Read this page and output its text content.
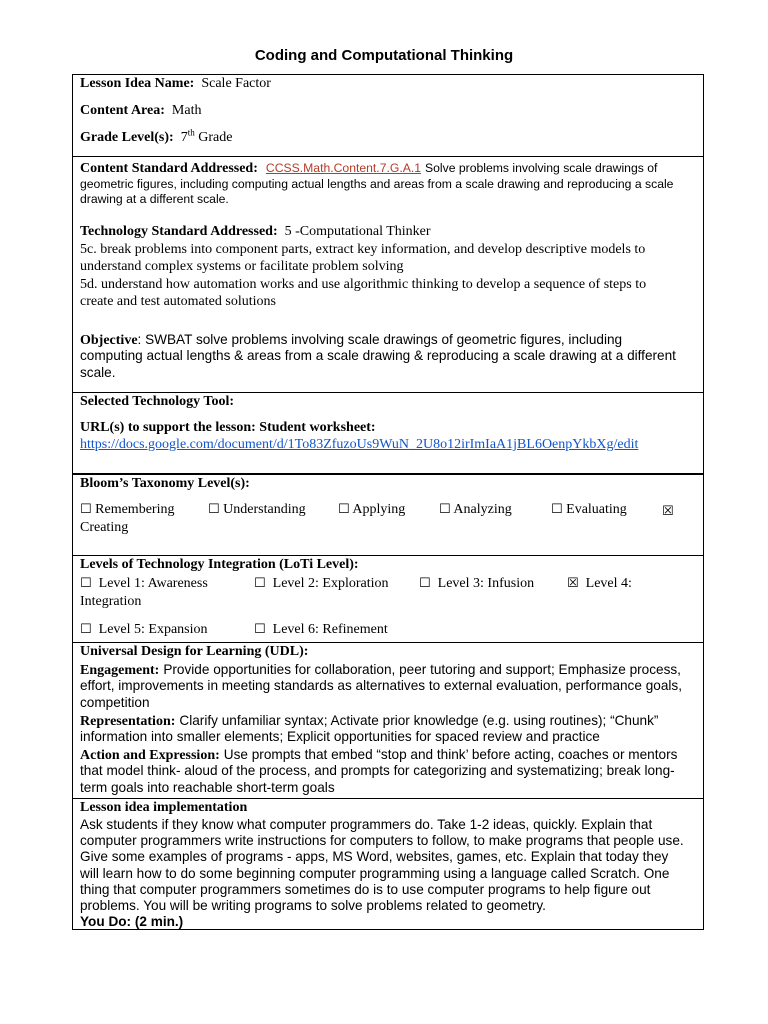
Coding and Computational Thinking
Lesson Idea Name: Scale Factor
Content Area: Math
Grade Level(s): 7th Grade
Content Standard Addressed: CCSS.Math.Content.7.G.A.1 Solve problems involving scale drawings of
geometric figures, including computing actual lengths and areas from a scale drawing and reproducing a scale
drawing at a different scale.
Technology Standard Addressed: 5 -Computational Thinker
5c. break problems into component parts, extract key information, and develop descriptive models to
understand complex systems or facilitate problem solving
5d. understand how automation works and use algorithmic thinking to develop a sequence of steps to
create and test automated solutions
Objective: SWBAT solve problems involving scale drawings of geometric figures, including
computing actual lengths & areas from a scale drawing & reproducing a scale drawing at a different
scale.
Selected Technology Tool:
URL(s) to support the lesson: Student worksheet:
https://docs.google.com/document/d/1To83ZfuzoUs9WuN_2U8o12irImIaA1jBL6OenpYkbXg/edit
Bloom’s Taxonomy Level(s):
☐ Remembering	☐ Understanding ☐ Applying	☐ Analyzing	☐ Evaluating	☒
Creating
Levels of Technology Integration (LoTi Level):
☐ Level 1: Awareness	☐ Level 2: Exploration ☐ Level 3: Infusion	☒ Level 4:
Integration
☐ Level 5: Expansion	☐ Level 6: Refinement
Universal Design for Learning (UDL):
Engagement: Provide opportunities for collaboration, peer tutoring and support; Emphasize process,
effort, improvements in meeting standards as alternatives to external evaluation, performance goals,
competition
Representation: Clarify unfamiliar syntax; Activate prior knowledge (e.g. using routines); “Chunk”
information into smaller elements; Explicit opportunities for spaced review and practice
Action and Expression: Use prompts that embed “stop and think’ before acting, coaches or mentors
that model think- aloud of the process, and prompts for categorizing and systematizing; break long-
term goals into reachable short-term goals
Lesson idea implementation
Ask students if they know what computer programmers do. Take 1-2 ideas, quickly. Explain that
computer programmers write instructions for computers to follow, to make programs that people use.
Give some examples of programs - apps, MS Word, websites, games, etc. Explain that today they
will learn how to do some beginning computer programming using a language called Scratch. One
thing that computer programmers sometimes do is to use computer programs to help figure out
problems. You will be writing programs to solve problems related to geometry.
You Do: (2 min.)
